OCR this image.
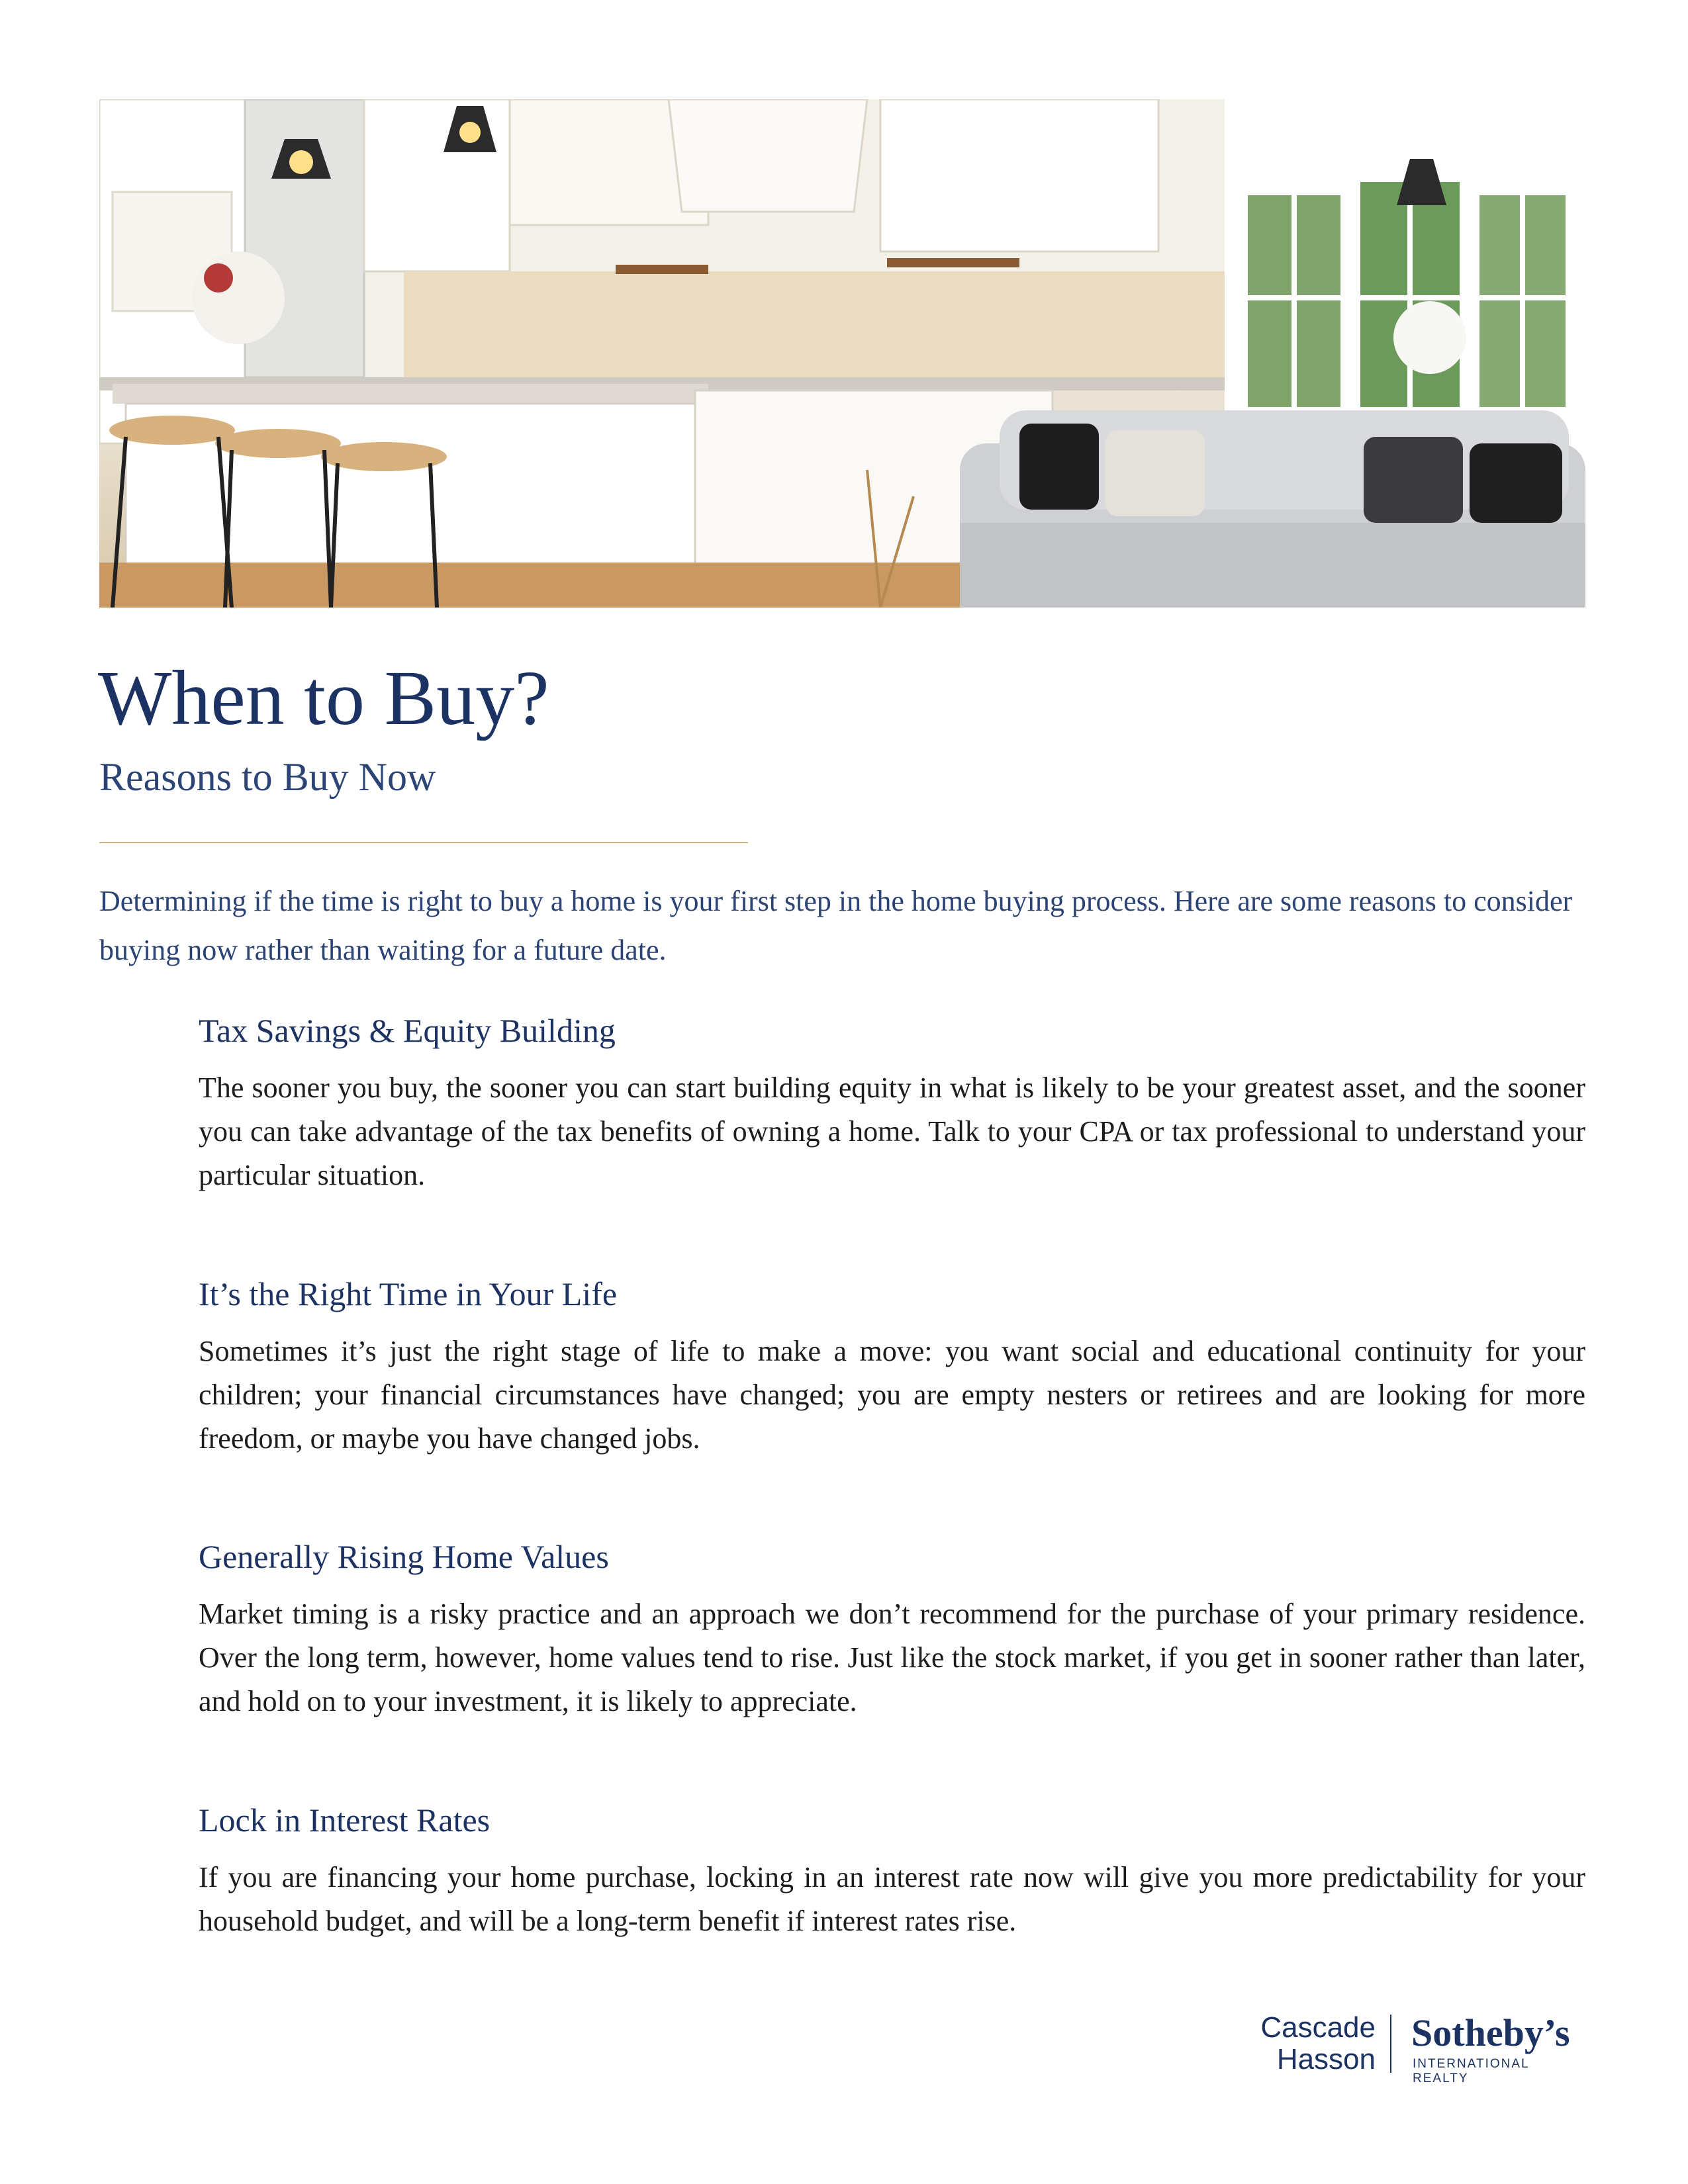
When to Buy?
Reasons to Buy Now

Determining if the time is right to buy a home is your first step in the home buying process. Here are some reasons to consider buying now rather than waiting for a future date.

Tax Savings & Equity Building

The sooner you buy, the sooner you can start building equity in what is likely to be your greatest asset, and the sooner you can take advantage of the tax benefits of owning a home. Talk to your CPA or tax professional to understand your particular situation.

It’s the Right Time in Your Life

Sometimes it’s just the right stage of life to make a move: you want social and educational continuity for your children; your financial circumstances have changed; you are empty nesters or retirees and are looking for more freedom, or maybe you have changed jobs.

Generally Rising Home Values

Market timing is a risky practice and an approach we don’t recommend for the purchase of your primary residence. Over the long term, however, home values tend to rise. Just like the stock market, if you get in sooner rather than later, and hold on to your investment, it is likely to appreciate.

Lock in Interest Rates

If you are financing your home purchase, locking in an interest rate now will give you more predictability for your household budget, and will be a long-term benefit if interest rates rise.

Cascade
Hasson
Sotheby’s
INTERNATIONAL REALTY
